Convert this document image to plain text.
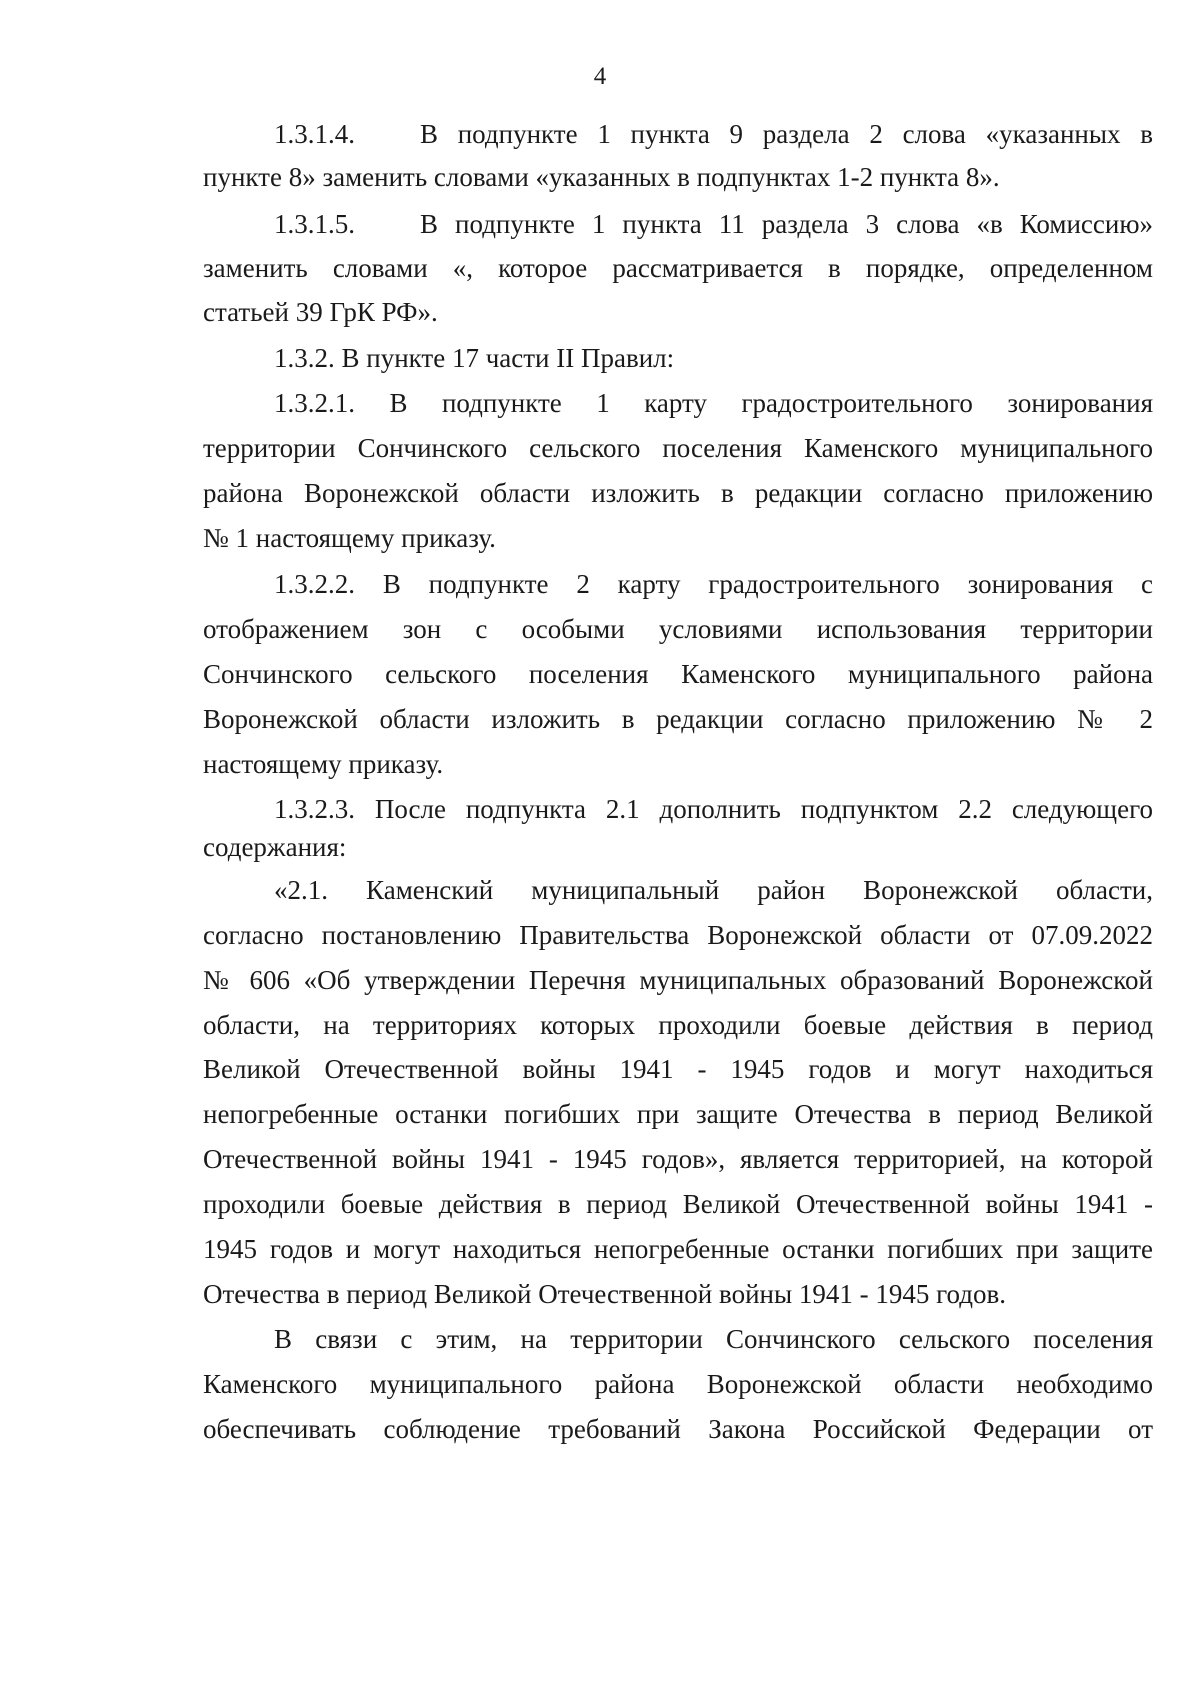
4
1.3.1.4. В подпункте 1 пункта 9 раздела 2 слова «указанных в
пункте 8» заменить словами «указанных в подпунктах 1-2 пункта 8».
1.3.1.5. В подпункте 1 пункта 11 раздела 3 слова «в Комиссию»
заменить словами «, которое рассматривается в порядке, определенном
статьей 39 ГрК РФ».
1.3.2. В пункте 17 части II Правил:
1.3.2.1. В подпункте 1 карту градостроительного зонирования
территории Сончинского сельского поселения Каменского муниципального
района Воронежской области изложить в редакции согласно приложению
№ 1 настоящему приказу.
1.3.2.2. В подпункте 2 карту градостроительного зонирования с
отображением зон с особыми условиями использования территории
Сончинского сельского поселения Каменского муниципального района
Воронежской области изложить в редакции согласно приложению № 2
настоящему приказу.
1.3.2.3. После подпункта 2.1 дополнить подпунктом 2.2 следующего
содержания:
«2.1. Каменский муниципальный район Воронежской области,
согласно постановлению Правительства Воронежской области от 07.09.2022
№ 606 «Об утверждении Перечня муниципальных образований Воронежской
области, на территориях которых проходили боевые действия в период
Великой Отечественной войны 1941 - 1945 годов и могут находиться
непогребенные останки погибших при защите Отечества в период Великой
Отечественной войны 1941 - 1945 годов», является территорией, на которой
проходили боевые действия в период Великой Отечественной войны 1941 -
1945 годов и могут находиться непогребенные останки погибших при защите
Отечества в период Великой Отечественной войны 1941 - 1945 годов.
В связи с этим, на территории Сончинского сельского поселения
Каменского муниципального района Воронежской области необходимо
обеспечивать соблюдение требований Закона Российской Федерации от
